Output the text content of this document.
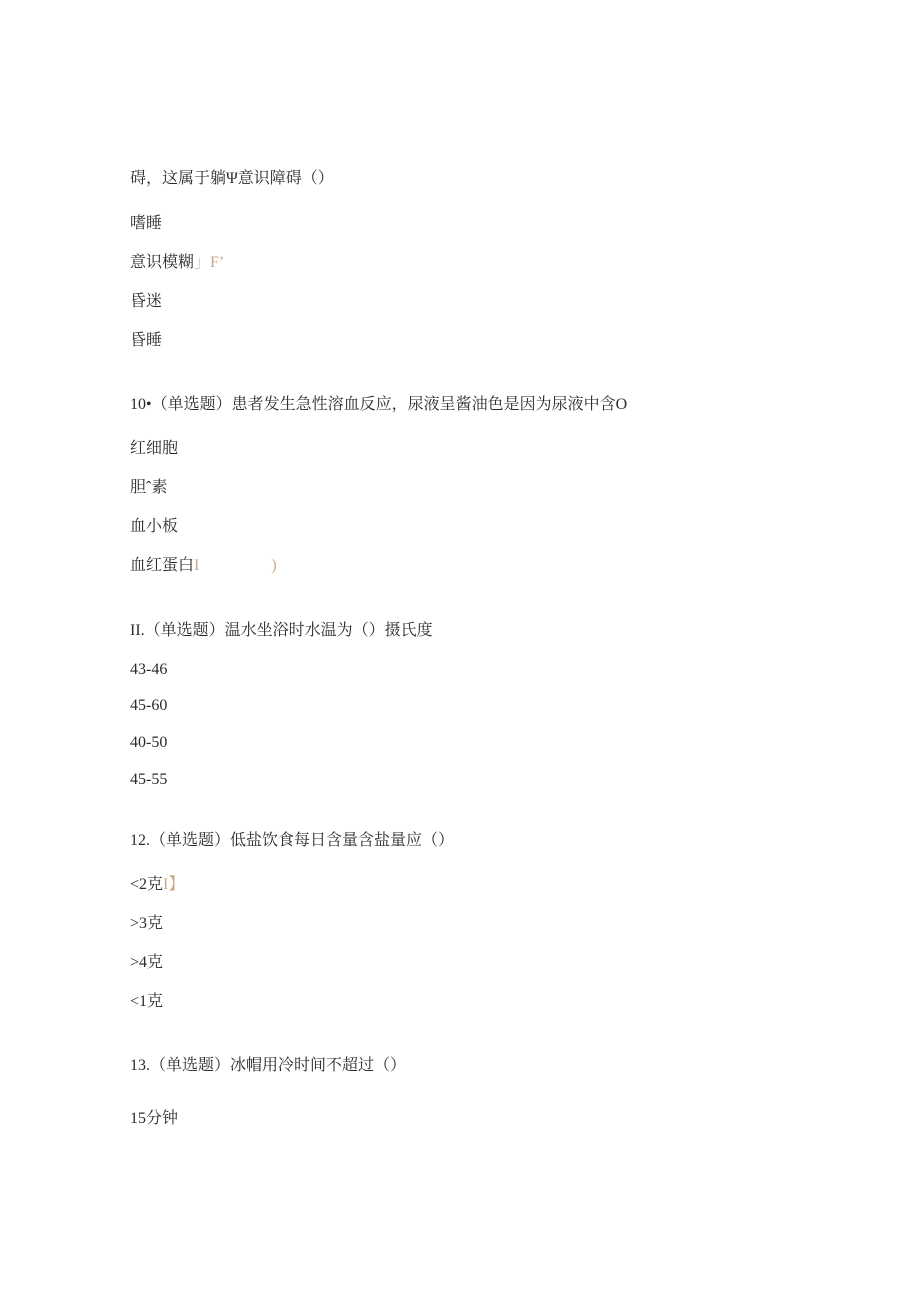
碍，这属于躺Ψ意识障碍（）
嗜睡
意识模糊」F’
昏迷
昏睡
10•（单选题）患者发生急性溶血反应，尿液呈酱油色是因为尿液中含O
红细胞
胆ˆ素
血小板
血红蛋白I	)
II.（单选题）温水坐浴时水温为（）摄氏度
43-46
45-60
40-50
45-55
12.（单选题）低盐饮食每日含量含盐量应（）
<2克I】
>3克
>4克
<1克
13.（单选题）冰帽用冷时间不超过（）
15分钟
